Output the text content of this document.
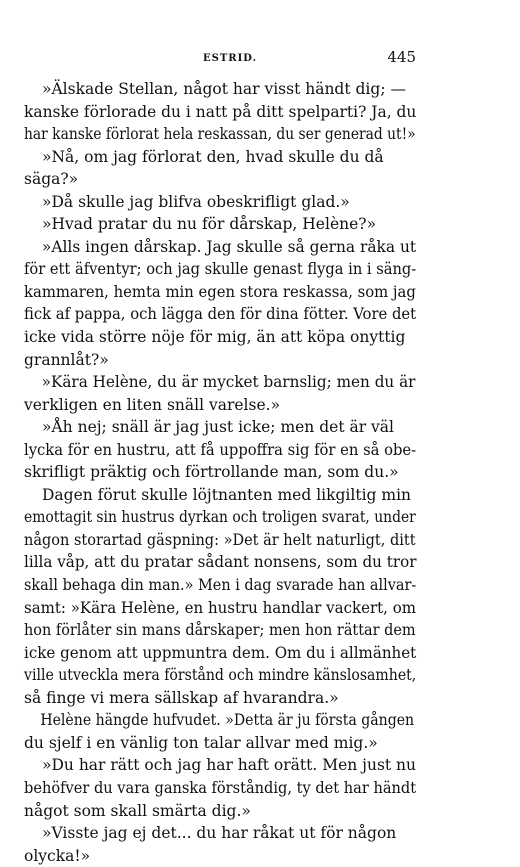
ESTRID.	445
»Älskade Stellan, något har visst händt dig; —
kanske förlorade du i natt på ditt spelparti? Ja, du
har kanske förlorat hela reskassan, du ser generad ut!»
»Nå, om jag förlorat den, hvad skulle du då
säga?»
»Då skulle jag blifva obeskrifligt glad.»
»Hvad pratar du nu för dårskap, Helène?»
»Alls ingen dårskap. Jag skulle så gerna råka ut
för ett äfventyr; och jag skulle genast flyga in i säng-
kammaren, hemta min egen stora reskassa, som jag
fick af pappa, och lägga den för dina fötter. Vore det
icke vida större nöje för mig, än att köpa onyttig
grannlåt?»
»Kära Helène, du är mycket barnslig; men du är
verkligen en liten snäll varelse.»
»Åh nej; snäll är jag just icke; men det är väl
lycka för en hustru, att få uppoffra sig för en så obe-
skrifligt präktig och förtrollande man, som du.»
Dagen förut skulle löjtnanten med likgiltig min
emottagit sin hustrus dyrkan och troligen svarat, under
någon storartad gäspning: »Det är helt naturligt, ditt
lilla våp, att du pratar sådant nonsens, som du tror
skall behaga din man.» Men i dag svarade han allvar-
samt: »Kära Helène, en hustru handlar vackert, om
hon förlåter sin mans dårskaper; men hon rättar dem
icke genom att uppmuntra dem. Om du i allmänhet
ville utveckla mera förstånd och mindre känslosamhet,
så finge vi mera sällskap af hvarandra.»
Helène hängde hufvudet. »Detta är ju första gången
du sjelf i en vänlig ton talar allvar med mig.»
»Du har rätt och jag har haft orätt. Men just nu
behöfver du vara ganska förståndig, ty det har händt
något som skall smärta dig.»
»Visste jag ej det... du har råkat ut för någon
olycka!»
